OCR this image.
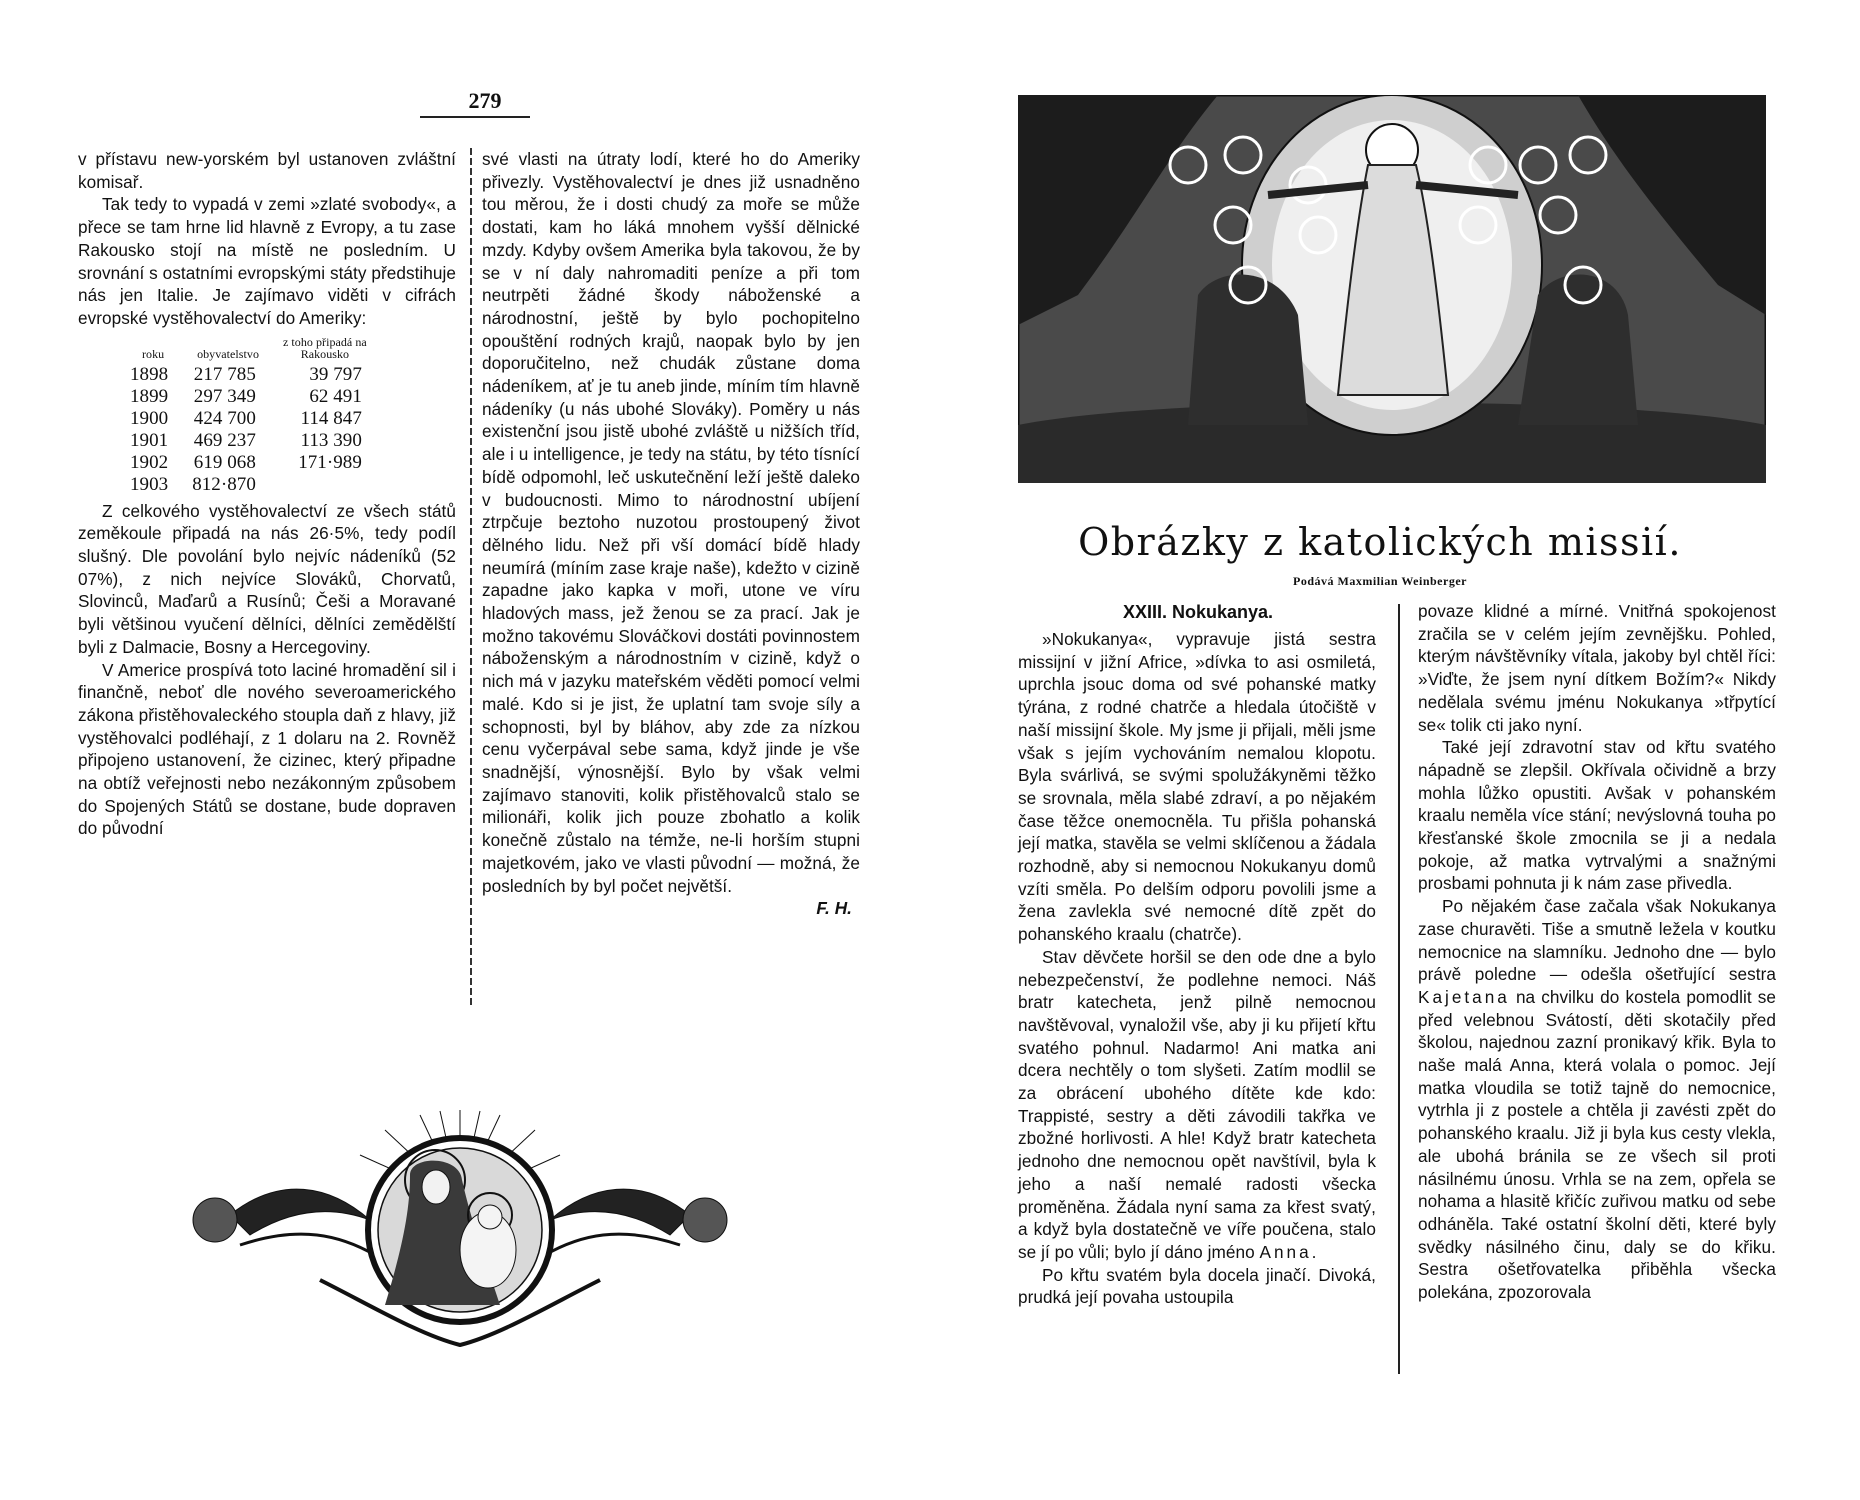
279

v přístavu new-yorském byl ustanoven zvláštní komisař.

Tak tedy to vypadá v zemi »zlaté svobody«, a přece se tam hrne lid hlavně z Evropy, a tu zase Rakousko stojí na místě ne posledním. U srovnání s ostatními evropskými státy předstihuje nás jen Italie. Je zajímavo viděti v cifrách evropské vystěhovalectví do Ameriky:

roku	obyvatelstvo	z toho připadá na Rakousko
1898	217 785	39 797
1899	297 349	62 491
1900	424 700	114 847
1901	469 237	113 390
1902	619 068	171·989
1903	812·870	

Z celkového vystěhovalectví ze všech států zeměkoule připadá na nás 26·5%, tedy podíl slušný. Dle povolání bylo nejvíc nádeníků (52 07%), z nich nejvíce Slováků, Chorvatů, Slovinců, Maďarů a Rusínů; Češi a Moravané byli většinou vyučení dělníci, dělníci zemědělští byli z Dalmacie, Bosny a Hercegoviny.

V Americe prospívá toto laciné hromadění sil i finančně, neboť dle nového severoamerického zákona přistěhovaleckého stoupla daň z hlavy, již vystěhovalci podléhají, z 1 dolaru na 2. Rovněž připojeno ustanovení, že cizinec, který připadne na obtíž veřejnosti nebo nezákonným způsobem do Spojených Států se dostane, bude dopraven do původní

své vlasti na útraty lodí, které ho do Ameriky přivezly. Vystěhovalectví je dnes již usnadněno tou měrou, že i dosti chudý za moře se může dostati, kam ho láká mnohem vyšší dělnické mzdy. Kdyby ovšem Amerika byla takovou, že by se v ní daly nahromaditi peníze a při tom neutrpěti žádné škody náboženské a národnostní, ještě by bylo pochopitelno opouštění rodných krajů, naopak bylo by jen doporučitelno, než chudák zůstane doma nádeníkem, ať je tu aneb jinde, míním tím hlavně nádeníky (u nás ubohé Slováky). Poměry u nás existenční jsou jistě ubohé zvláště u nižších tříd, ale i u intelligence, je tedy na státu, by této tísnící bídě odpomohl, leč uskutečnění leží ještě daleko v budoucnosti. Mimo to národnostní ubíjení ztrpčuje beztoho nuzotou prostoupený život dělného lidu. Než při vší domácí bídě hlady neumírá (míním zase kraje naše), kdežto v cizině zapadne jako kapka v moři, utone ve víru hladových mass, jež ženou se za prací. Jak je možno takovému Slováčkovi dostáti povinnostem náboženským a národnostním v cizině, když o nich má v jazyku mateřském věděti pomocí velmi malé. Kdo si je jist, že uplatní tam svoje síly a schopnosti, byl by bláhov, aby zde za nízkou cenu vyčerpával sebe sama, když jinde je vše snadnější, výnosnější. Bylo by však velmi zajímavo stanoviti, kolik přistěhovalců stalo se milionáři, kolik jich pouze zbohatlo a kolik konečně zůstalo na témže, ne-li horším stupni majetkovém, jako ve vlasti původní — možná, že posledních by byl počet největší.

F. H.

Obrázky z katolických missií.
Podává Maxmilian Weinberger
XXIII. Nokukanya.

»Nokukanya«, vypravuje jistá sestra missijní v jižní Africe, »dívka to asi osmiletá, uprchla jsouc doma od své pohanské matky týrána, z rodné chatrče a hledala útočiště v naší missijní škole. My jsme ji přijali, měli jsme však s jejím vychováním nemalou klopotu. Byla svárlivá, se svými spolužákyněmi těžko se srovnala, měla slabé zdraví, a po nějakém čase těžce onemocněla. Tu přišla pohanská její matka, stavěla se velmi sklíčenou a žádala rozhodně, aby si nemocnou Nokukanyu domů vzíti směla. Po delším odporu povolili jsme a žena zavlekla své nemocné dítě zpět do pohanského kraalu (chatrče).

Stav děvčete horšil se den ode dne a bylo nebezpečenství, že podlehne nemoci. Náš bratr katecheta, jenž pilně nemocnou navštěvoval, vynaložil vše, aby ji ku přijetí křtu svatého pohnul. Nadarmo! Ani matka ani dcera nechtěly o tom slyšeti. Zatím modlil se za obrácení ubohého dítěte kde kdo: Trappisté, sestry a děti závodili takřka ve zbožné horlivosti. A hle! Když bratr katecheta jednoho dne nemocnou opět navštívil, byla k jeho a naší nemalé radosti všecka proměněna. Žádala nyní sama za křest svatý, a když byla dostatečně ve víře poučena, stalo se jí po vůli; bylo jí dáno jméno Anna.

Po křtu svatém byla docela jinačí. Divoká, prudká její povaha ustoupila

povaze klidné a mírné. Vnitřná spokojenost zračila se v celém jejím zevnějšku. Pohled, kterým návštěvníky vítala, jakoby byl chtěl říci: »Viďte, že jsem nyní dítkem Božím?« Nikdy nedělala svému jménu Nokukanya »třpytící se« tolik cti jako nyní.

Také její zdravotní stav od křtu svatého nápadně se zlepšil. Okřívala očividně a brzy mohla lůžko opustiti. Avšak v pohanském kraalu neměla více stání; nevýslovná touha po křesťanské škole zmocnila se ji a nedala pokoje, až matka vytrvalými a snažnými prosbami pohnuta ji k nám zase přivedla.

Po nějakém čase začala však Nokukanya zase churavěti. Tiše a smutně ležela v koutku nemocnice na slamníku. Jednoho dne — bylo právě poledne — odešla ošetřující sestra Kajetana na chvilku do kostela pomodlit se před velebnou Svátostí, děti skotačily před školou, najednou zazní pronikavý křik. Byla to naše malá Anna, která volala o pomoc. Její matka vloudila se totiž tajně do nemocnice, vytrhla ji z postele a chtěla ji zavésti zpět do pohanského kraalu. Již ji byla kus cesty vlekla, ale ubohá bránila se ze všech sil proti násilnému únosu. Vrhla se na zem, opřela se nohama a hlasitě křičíc zuřivou matku od sebe odháněla. Také ostatní školní děti, které byly svědky násilného činu, daly se do křiku. Sestra ošetřovatelka přiběhla všecka polekána, zpozorovala
